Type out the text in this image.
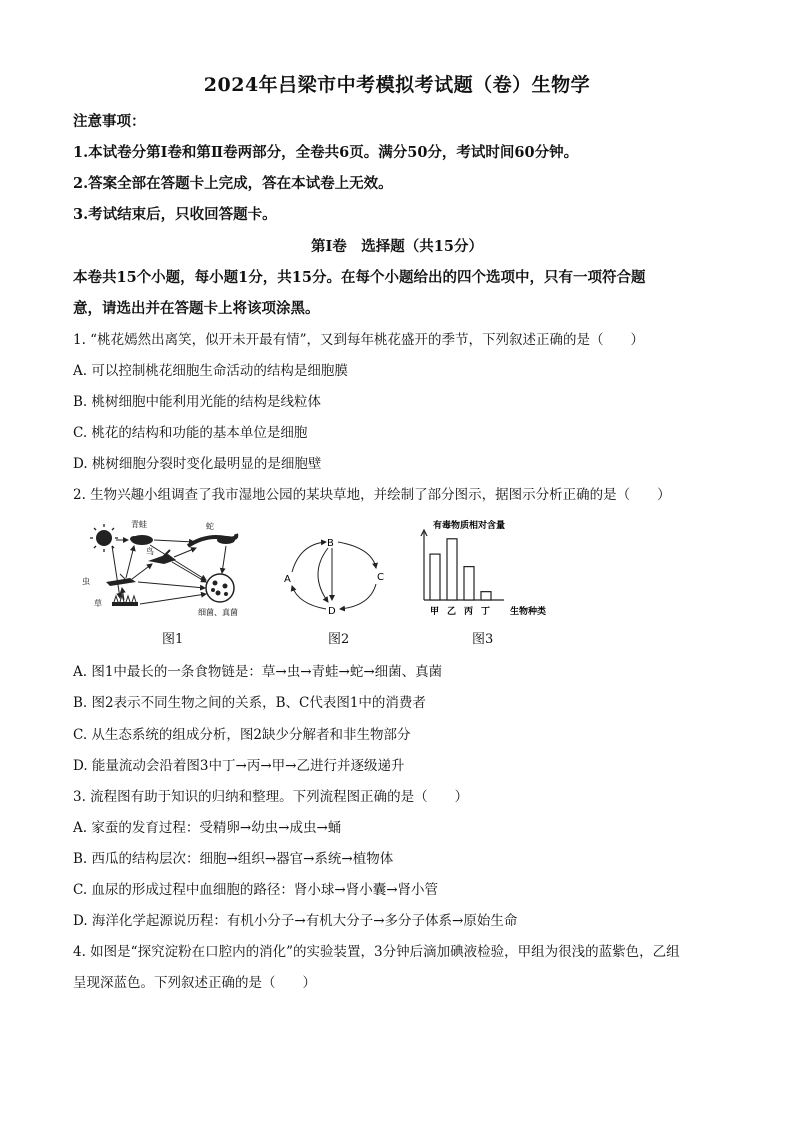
2024年吕梁市中考模拟考试题（卷）生物学
注意事项：
1.本试卷分第Ⅰ卷和第Ⅱ卷两部分，全卷共6页。满分50分，考试时间60分钟。
2.答案全部在答题卡上完成，答在本试卷上无效。
3.考试结束后，只收回答题卡。
第Ⅰ卷　选择题（共15分）
本卷共15个小题，每小题1分，共15分。在每个小题给出的四个选项中，只有一项符合题
意，请选出并在答题卡上将该项涂黑。
1. “桃花嫣然出离笑，似开未开最有情”，又到每年桃花盛开的季节，下列叙述正确的是（　　）
A. 可以控制桃花细胞生命活动的结构是细胞膜
B. 桃树细胞中能利用光能的结构是线粒体
C. 桃花的结构和功能的基本单位是细胞
D. 桃树细胞分裂时变化最明显的是细胞壁
2. 生物兴趣小组调查了我市湿地公园的某块草地，并绘制了部分图示，据图示分析正确的是（　　）
青蛙	蛇
鸟
虫
草
细菌、真菌
图1
B
A	C
D
图2
有毒物质相对含量
生物种类
甲 乙 丙 丁
图3
A. 图1中最长的一条食物链是：草→虫→青蛙→蛇→细菌、真菌
B. 图2表示不同生物之间的关系，B、C代表图1中的消费者
C. 从生态系统的组成分析，图2缺少分解者和非生物部分
D. 能量流动会沿着图3中丁→丙→甲→乙进行并逐级递升
3. 流程图有助于知识的归纳和整理。下列流程图正确的是（　　）
A. 家蚕的发育过程：受精卵→幼虫→成虫→蛹
B. 西瓜的结构层次：细胞→组织→器官→系统→植物体
C. 血尿的形成过程中血细胞的路径：肾小球→肾小囊→肾小管
D. 海洋化学起源说历程：有机小分子→有机大分子→多分子体系→原始生命
4. 如图是“探究淀粉在口腔内的消化”的实验装置，3分钟后滴加碘液检验，甲组为很浅的蓝紫色，乙组
呈现深蓝色。下列叙述正确的是（　　）
